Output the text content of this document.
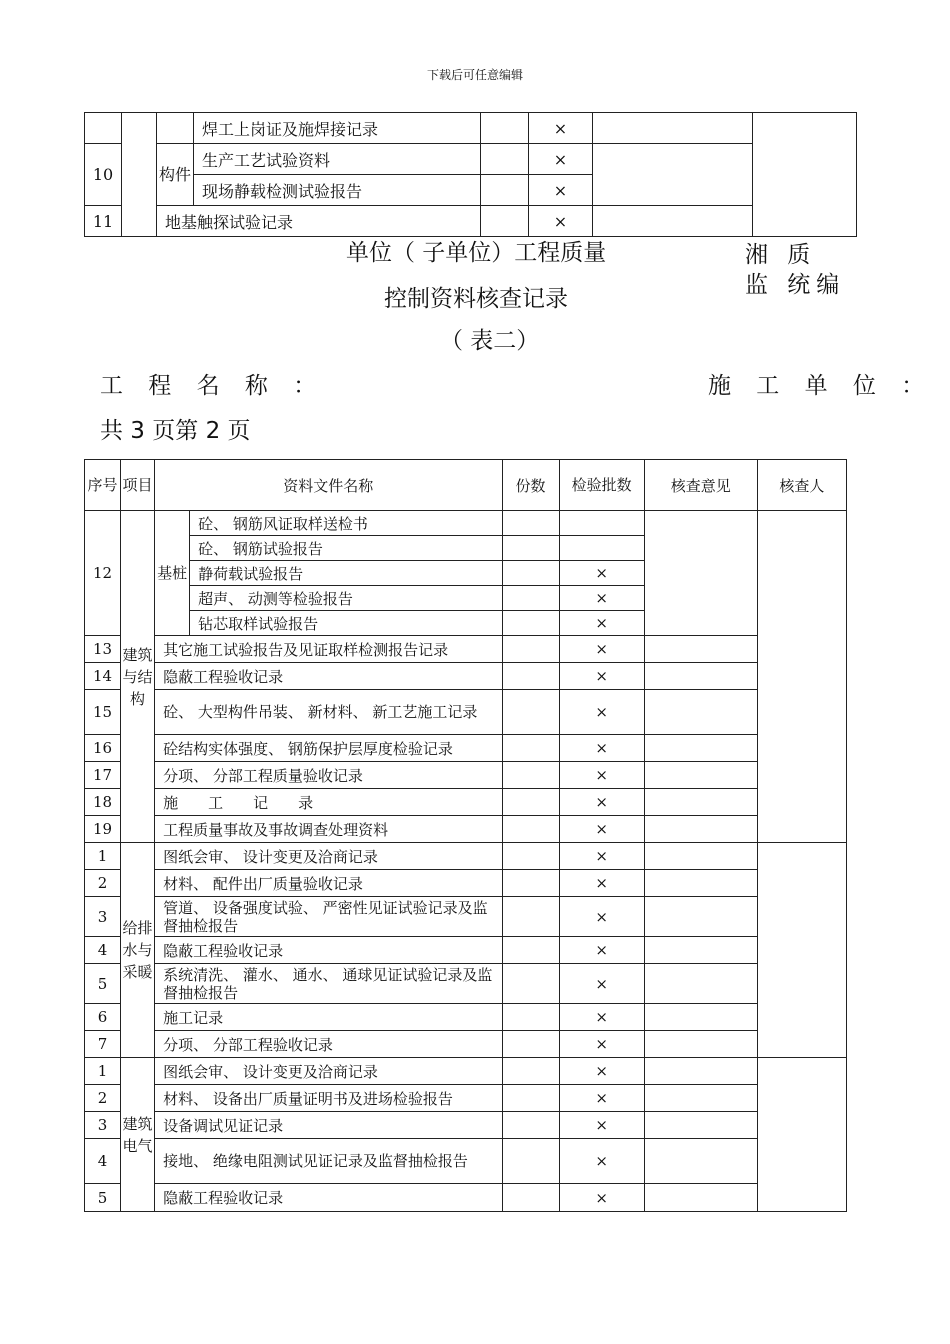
下载后可任意编辑
			焊工上岗证及施焊接记录		×		
10		构件	生产工艺试验资料		×		
			现场静载检测试验报告		×		
11		地基触探试验记录			×		
单位（ 子单位）工程质量	湘 质 监 统编
控制资料核查记录
（ 表二）
工 程 名 称 ：	施 工 单 位 ：
共 3 页第 2 页
序号	项目	资料文件名称		份数	检验批数	核查意见	核查人
12	建筑与结构	基桩	砼、 钢筋风证取样送检书				
			砼、 钢筋试验报告				
			静荷载试验报告		×		
			超声、 动测等检验报告		×		
			钻芯取样试验报告		×		
13		其它施工试验报告及见证取样检测报告记录			×		
14		隐蔽工程验收记录			×		
15		砼、 大型构件吊装、 新材料、 新工艺施工记录			×		
16		砼结构实体强度、 钢筋保护层厚度检验记录			×		
17		分项、 分部工程质量验收记录			×		
18		施　　工　　记　　录			×		
19		工程质量事故及事故调查处理资料			×		
1	给排水与采暖	图纸会审、 设计变更及洽商记录			×		
2		材料、 配件出厂质量验收记录			×		
3		管道、 设备强度试验、 严密性见证试验记录及监督抽检报告			×		
4		隐蔽工程验收记录			×		
5		系统清洗、 灌水、 通水、 通球见证试验记录及监督抽检报告			×		
6		施工记录			×		
7		分项、 分部工程验收记录			×		
1	建筑电气	图纸会审、 设计变更及洽商记录			×		
2		材料、 设备出厂质量证明书及进场检验报告			×		
3		设备调试见证记录			×		
4		接地、 绝缘电阻测试见证记录及监督抽检报告			×		
5		隐蔽工程验收记录			×		
